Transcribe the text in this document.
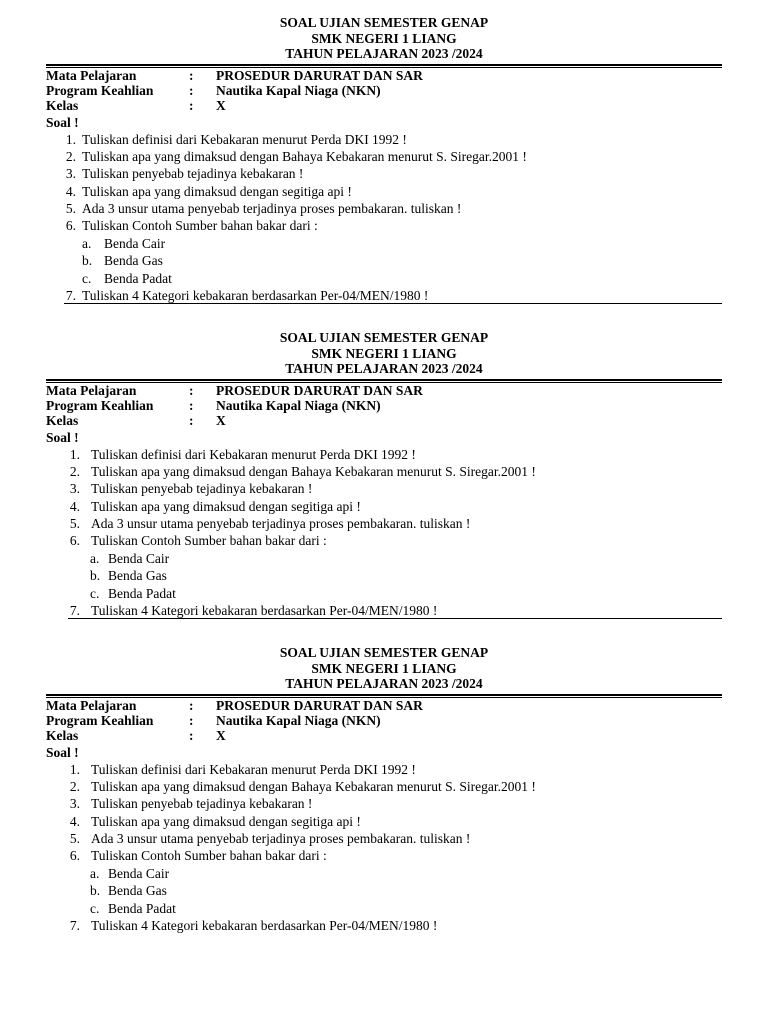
SOAL UJIAN SEMESTER GENAP
SMK NEGERI 1 LIANG
TAHUN PELAJARAN 2023 /2024
Mata Pelajaran	: PROSEDUR DARURAT DAN SAR
Program Keahlian	: Nautika Kapal Niaga (NKN)
Kelas	: X
Soal !
1. Tuliskan definisi dari Kebakaran menurut Perda DKI 1992 !
2. Tuliskan apa yang dimaksud dengan Bahaya Kebakaran menurut S. Siregar.2001 !
3. Tuliskan penyebab tejadinya kebakaran !
4. Tuliskan apa yang dimaksud dengan segitiga api !
5. Ada 3 unsur utama penyebab terjadinya proses pembakaran. tuliskan !
6. Tuliskan Contoh Sumber bahan bakar dari :
a. Benda Cair
b. Benda Gas
c. Benda Padat
7. Tuliskan 4 Kategori kebakaran berdasarkan Per-04/MEN/1980 !
SOAL UJIAN SEMESTER GENAP
SMK NEGERI 1 LIANG
TAHUN PELAJARAN 2023 /2024
Mata Pelajaran	: PROSEDUR DARURAT DAN SAR
Program Keahlian	: Nautika Kapal Niaga (NKN)
Kelas	: X
Soal !
1. Tuliskan definisi dari Kebakaran menurut Perda DKI 1992 !
2. Tuliskan apa yang dimaksud dengan Bahaya Kebakaran menurut S. Siregar.2001 !
3. Tuliskan penyebab tejadinya kebakaran !
4. Tuliskan apa yang dimaksud dengan segitiga api !
5. Ada 3 unsur utama penyebab terjadinya proses pembakaran. tuliskan !
6. Tuliskan Contoh Sumber bahan bakar dari :
a. Benda Cair
b. Benda Gas
c. Benda Padat
7. Tuliskan 4 Kategori kebakaran berdasarkan Per-04/MEN/1980 !
SOAL UJIAN SEMESTER GENAP
SMK NEGERI 1 LIANG
TAHUN PELAJARAN 2023 /2024
Mata Pelajaran	: PROSEDUR DARURAT DAN SAR
Program Keahlian	: Nautika Kapal Niaga (NKN)
Kelas	: X
Soal !
1. Tuliskan definisi dari Kebakaran menurut Perda DKI 1992 !
2. Tuliskan apa yang dimaksud dengan Bahaya Kebakaran menurut S. Siregar.2001 !
3. Tuliskan penyebab tejadinya kebakaran !
4. Tuliskan apa yang dimaksud dengan segitiga api !
5. Ada 3 unsur utama penyebab terjadinya proses pembakaran. tuliskan !
6. Tuliskan Contoh Sumber bahan bakar dari :
a. Benda Cair
b. Benda Gas
c. Benda Padat
7. Tuliskan 4 Kategori kebakaran berdasarkan Per-04/MEN/1980 !
